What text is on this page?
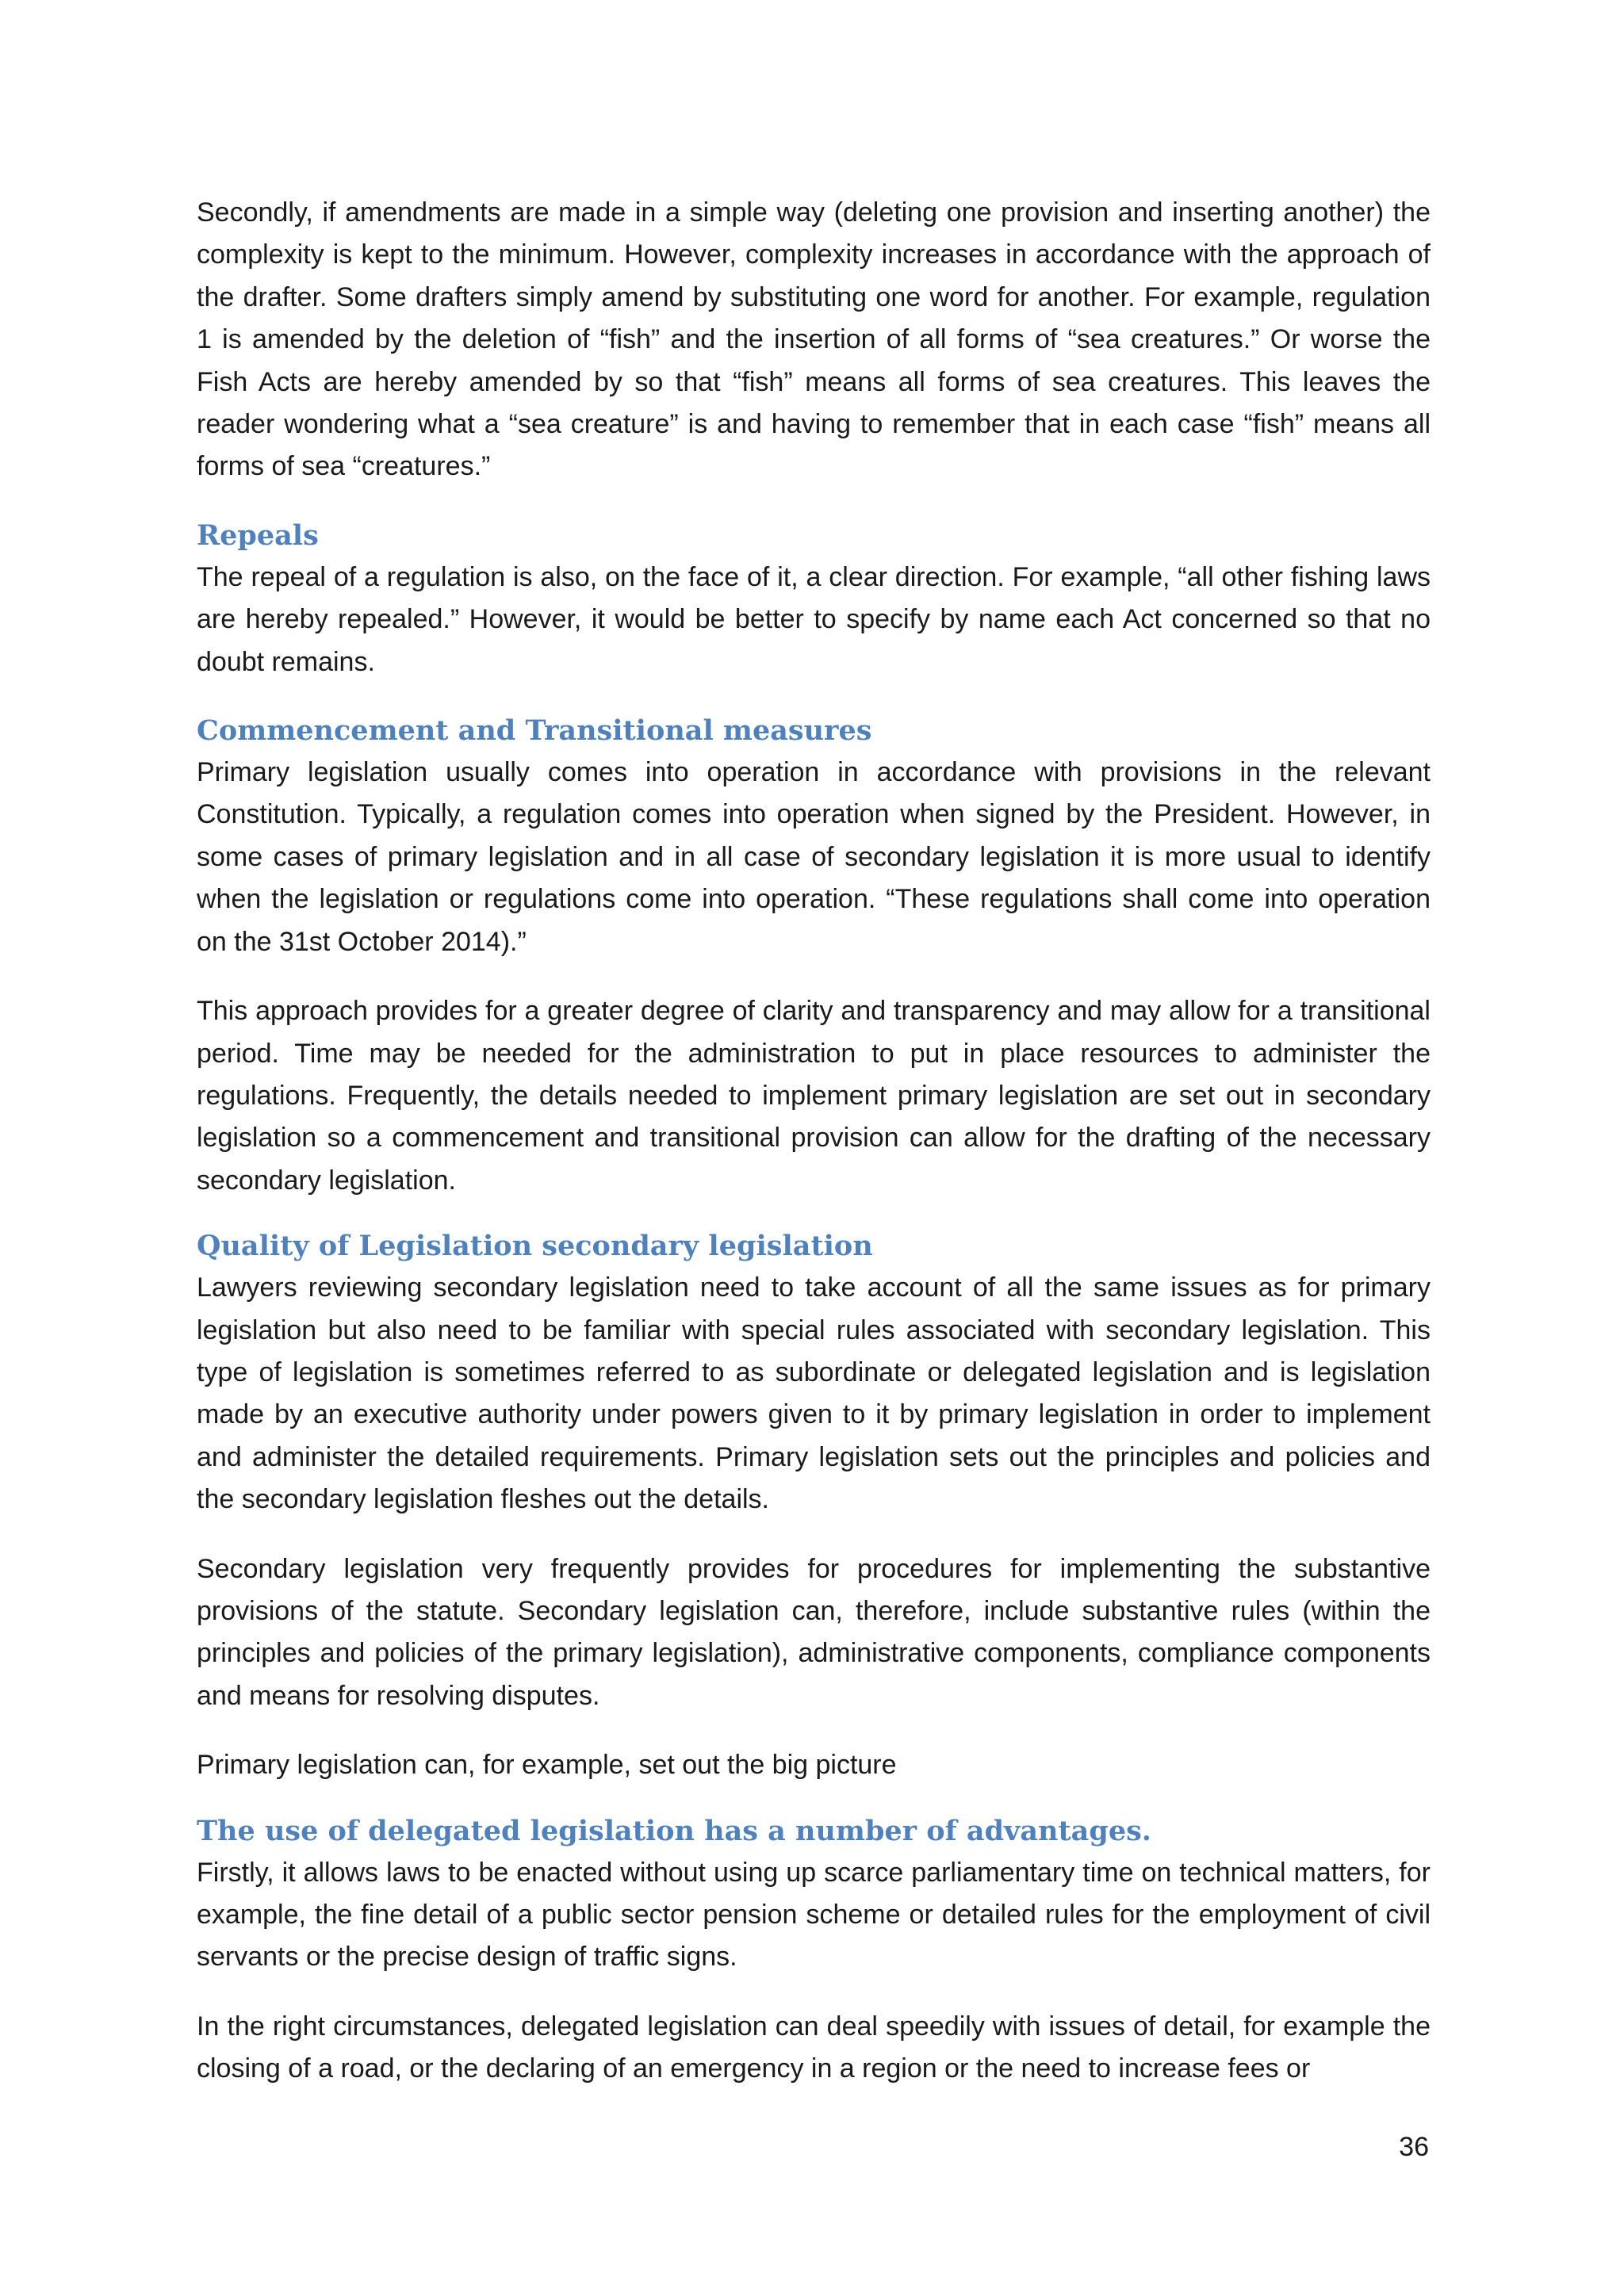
Secondly, if amendments are made in a simple way (deleting one provision and inserting another) the complexity is kept to the minimum. However, complexity increases in accordance with the approach of the drafter. Some drafters simply amend by substituting one word for another. For example, regulation 1 is amended by the deletion of “fish” and the insertion of all forms of “sea creatures.” Or worse the Fish Acts are hereby amended by so that “fish” means all forms of sea creatures. This leaves the reader wondering what a “sea creature” is and having to remember that in each case “fish” means all forms of sea “creatures.”

Repeals

The repeal of a regulation is also, on the face of it, a clear direction. For example, “all other fishing laws are hereby repealed.” However, it would be better to specify by name each Act concerned so that no doubt remains.

Commencement and Transitional measures

Primary legislation usually comes into operation in accordance with provisions in the relevant Constitution. Typically, a regulation comes into operation when signed by the President. However, in some cases of primary legislation and in all case of secondary legislation it is more usual to identify when the legislation or regulations come into operation. “These regulations shall come into operation on the 31st October 2014).”

This approach provides for a greater degree of clarity and transparency and may allow for a transitional period. Time may be needed for the administration to put in place resources to administer the regulations. Frequently, the details needed to implement primary legislation are set out in secondary legislation so a commencement and transitional provision can allow for the drafting of the necessary secondary legislation.

Quality of Legislation secondary legislation

Lawyers reviewing secondary legislation need to take account of all the same issues as for primary legislation but also need to be familiar with special rules associated with secondary legislation. This type of legislation is sometimes referred to as subordinate or delegated legislation and is legislation made by an executive authority under powers given to it by primary legislation in order to implement and administer the detailed requirements. Primary legislation sets out the principles and policies and the secondary legislation fleshes out the details.

Secondary legislation very frequently provides for procedures for implementing the substantive provisions of the statute. Secondary legislation can, therefore, include substantive rules (within the principles and policies of the primary legislation), administrative components, compliance components and means for resolving disputes.

Primary legislation can, for example, set out the big picture

The use of delegated legislation has a number of advantages.

Firstly, it allows laws to be enacted without using up scarce parliamentary time on technical matters, for example, the fine detail of a public sector pension scheme or detailed rules for the employment of civil servants or the precise design of traffic signs.

In the right circumstances, delegated legislation can deal speedily with issues of detail, for example the closing of a road, or the declaring of an emergency in a region or the need to increase fees or

36
